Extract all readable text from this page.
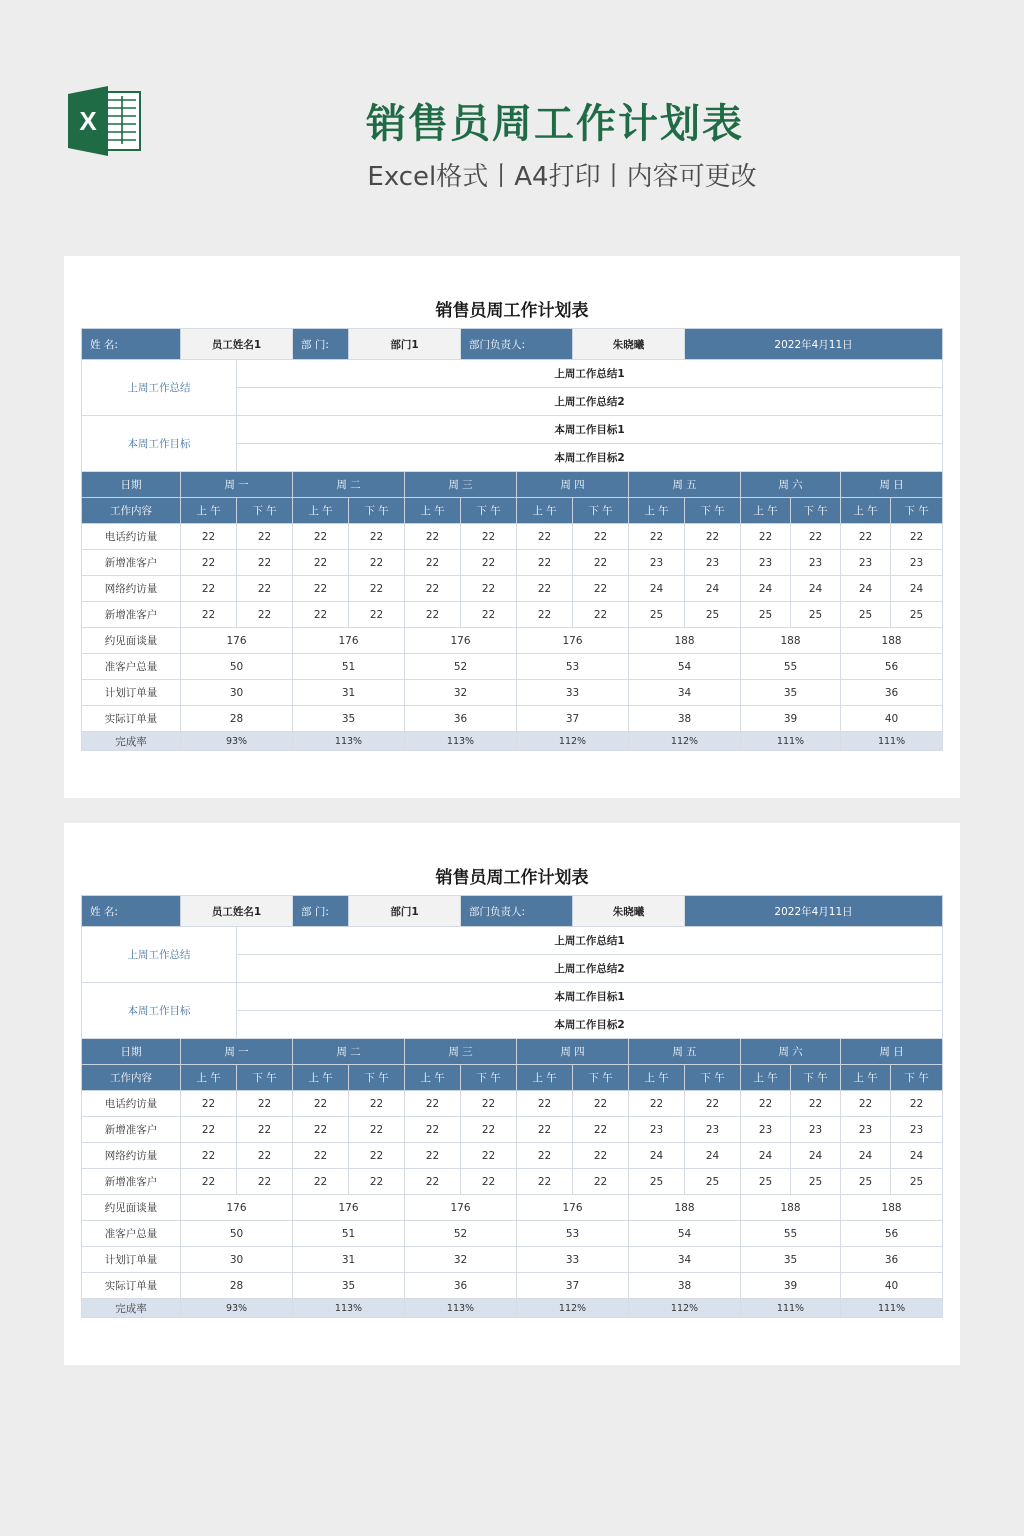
X	销售员周工作计划表
Excel格式丨A4打印丨内容可更改
销售员周工作计划表
姓 名:	员工姓名1		部 门:	部门1		部门负责人:		朱晓曦		2022年4月11日				
上周工作总结		上周工作总结1												
		上周工作总结2												
本周工作目标		本周工作目标1												
		本周工作目标2												
日期	周 一		周 二		周 三		周 四		周 五		周 六		周 日	
工作内容	上 午	下 午	上 午	下 午	上 午	下 午	上 午	下 午	上 午	下 午	上 午	下 午	上 午	下 午
电话约访量	22	22	22	22	22	22	22	22	22	22	22	22	22	22
新增准客户	22	22	22	22	22	22	22	22	23	23	23	23	23	23
网络约访量	22	22	22	22	22	22	22	22	24	24	24	24	24	24
新增准客户	22	22	22	22	22	22	22	22	25	25	25	25	25	25
约见面谈量	176		176		176		176		188		188		188	
准客户总量	50		51		52		53		54		55		56	
计划订单量	30		31		32		33		34		35		36	
实际订单量	28		35		36		37		38		39		40	
完成率	93%		113%		113%		112%		112%		111%		111%	
销售员周工作计划表
姓 名:	员工姓名1		部 门:	部门1		部门负责人:		朱晓曦		2022年4月11日				
上周工作总结		上周工作总结1												
		上周工作总结2												
本周工作目标		本周工作目标1												
		本周工作目标2												
日期	周 一		周 二		周 三		周 四		周 五		周 六		周 日	
工作内容	上 午	下 午	上 午	下 午	上 午	下 午	上 午	下 午	上 午	下 午	上 午	下 午	上 午	下 午
电话约访量	22	22	22	22	22	22	22	22	22	22	22	22	22	22
新增准客户	22	22	22	22	22	22	22	22	23	23	23	23	23	23
网络约访量	22	22	22	22	22	22	22	22	24	24	24	24	24	24
新增准客户	22	22	22	22	22	22	22	22	25	25	25	25	25	25
约见面谈量	176		176		176		176		188		188		188	
准客户总量	50		51		52		53		54		55		56	
计划订单量	30		31		32		33		34		35		36	
实际订单量	28		35		36		37		38		39		40	
完成率	93%		113%		113%		112%		112%		111%		111%	
